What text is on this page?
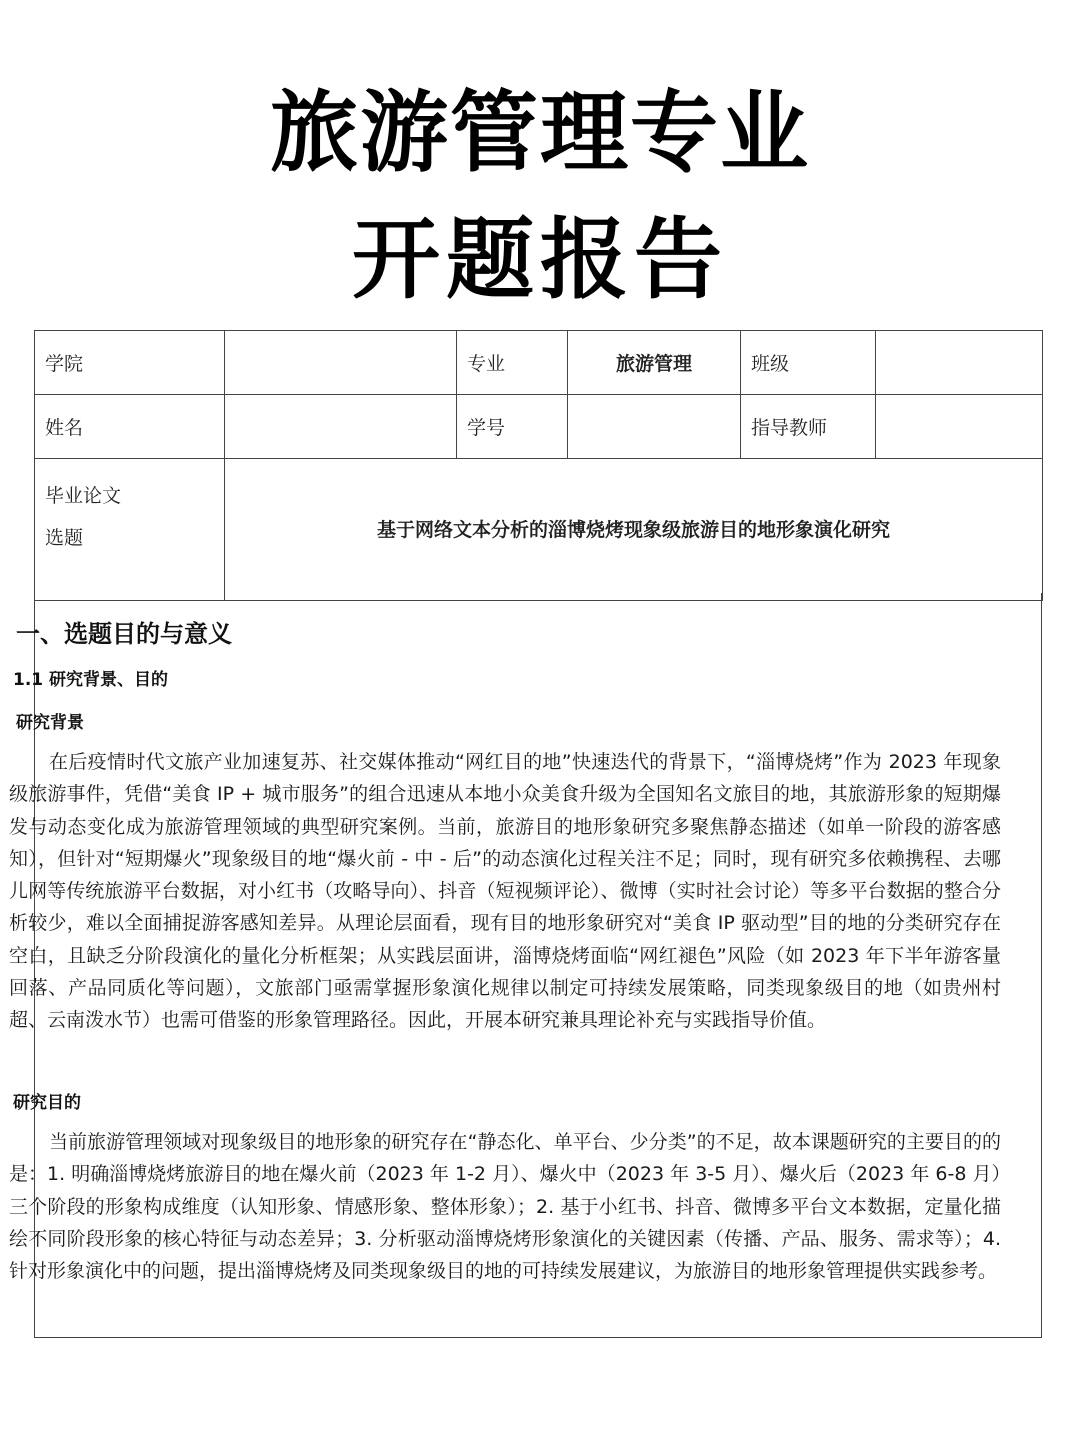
旅游管理专业
开题报告
学院		专业	旅游管理	班级	
姓名		学号		指导教师	

毕业论文
选题	基于网络文本分析的淄博烧烤现象级旅游目的地形象演化研究				
一、选题目的与意义
1.1 研究背景、目的
研究背景

在后疫情时代文旅产业加速复苏、社交媒体推动“网红目的地”快速迭代的背景下，“淄博烧烤”作为 2023 年现象级旅游事件，凭借“美食 IP + 城市服务”的组合迅速从本地小众美食升级为全国知名文旅目的地，其旅游形象的短期爆发与动态变化成为旅游管理领域的典型研究案例。当前，旅游目的地形象研究多聚焦静态描述（如单一阶段的游客感知），但针对“短期爆火”现象级目的地“爆火前 - 中 - 后”的动态演化过程关注不足；同时，现有研究多依赖携程、去哪儿网等传统旅游平台数据，对小红书（攻略导向）、抖音（短视频评论）、微博（实时社会讨论）等多平台数据的整合分析较少，难以全面捕捉游客感知差异。从理论层面看，现有目的地形象研究对“美食 IP 驱动型”目的地的分类研究存在空白，且缺乏分阶段演化的量化分析框架；从实践层面讲，淄博烧烤面临“网红褪色”风险（如 2023 年下半年游客量回落、产品同质化等问题），文旅部门亟需掌握形象演化规律以制定可持续发展策略，同类现象级目的地（如贵州村超、云南泼水节）也需可借鉴的形象管理路径。因此，开展本研究兼具理论补充与实践指导价值。

研究目的

当前旅游管理领域对现象级目的地形象的研究存在“静态化、单平台、少分类”的不足，故本课题研究的主要目的的是：1. 明确淄博烧烤旅游目的地在爆火前（2023 年 1-2 月）、爆火中（2023 年 3-5 月）、爆火后（2023 年 6-8 月）三个阶段的形象构成维度（认知形象、情感形象、整体形象）；2. 基于小红书、抖音、微博多平台文本数据，定量化描绘不同阶段形象的核心特征与动态差异；3. 分析驱动淄博烧烤形象演化的关键因素（传播、产品、服务、需求等）；4. 针对形象演化中的问题，提出淄博烧烤及同类现象级目的地的可持续发展建议，为旅游目的地形象管理提供实践参考。
